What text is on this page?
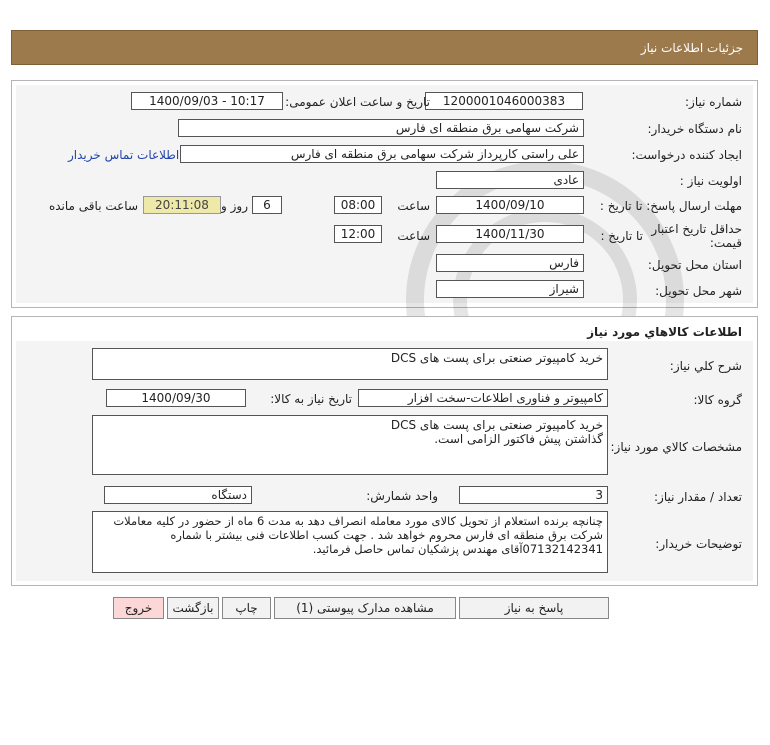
جزئیات اطلاعات نیاز
شماره نیاز:
1200001046000383
تاریخ و ساعت اعلان عمومی:
1400/09/03 - 10:17
نام دستگاه خریدار:
شرکت سهامی برق منطقه ای فارس
ایجاد کننده درخواست:
علی راستی کارپرداز شرکت سهامی برق منطقه ای فارس
اطلاعات تماس خریدار
اولویت نیاز :
عادی
مهلت ارسال پاسخ: تا تاریخ :
1400/09/10
ساعت
08:00
6
روز و
20:11:08
ساعت باقی مانده
حداقل تاریخ اعتبار
قیمت:
تا تاریخ :
1400/11/30
ساعت
12:00
استان محل تحویل:
فارس
شهر محل تحویل:
شیراز
اطلاعات کالاهاي مورد نیاز
شرح کلي نیاز:
خرید کامپیوتر صنعتی برای پست های DCS
گروه کالا:
کامپیوتر و فناوری اطلاعات-سخت افزار
تاریخ نیاز به کالا:
1400/09/30
مشخصات کالاي مورد نیاز:
خرید کامپیوتر صنعتی برای پست های DCS
گذاشتن پیش فاکتور الزامی است.
تعداد / مقدار نیاز:
3
واحد شمارش:
دستگاه
توضیحات خریدار:
چنانچه برنده استعلام از تحویل کالای مورد معامله انصراف دهد به مدت 6 ماه از حضور در کلیه معاملات
شرکت برق منطقه ای فارس محروم خواهد شد . جهت کسب اطلاعات فنی بیشتر با شماره
07132142341آقای مهندس پزشکیان تماس حاصل فرمائید.
پاسخ به نیاز
مشاهده مدارک پیوستی (1)
چاپ
بازگشت
خروج
